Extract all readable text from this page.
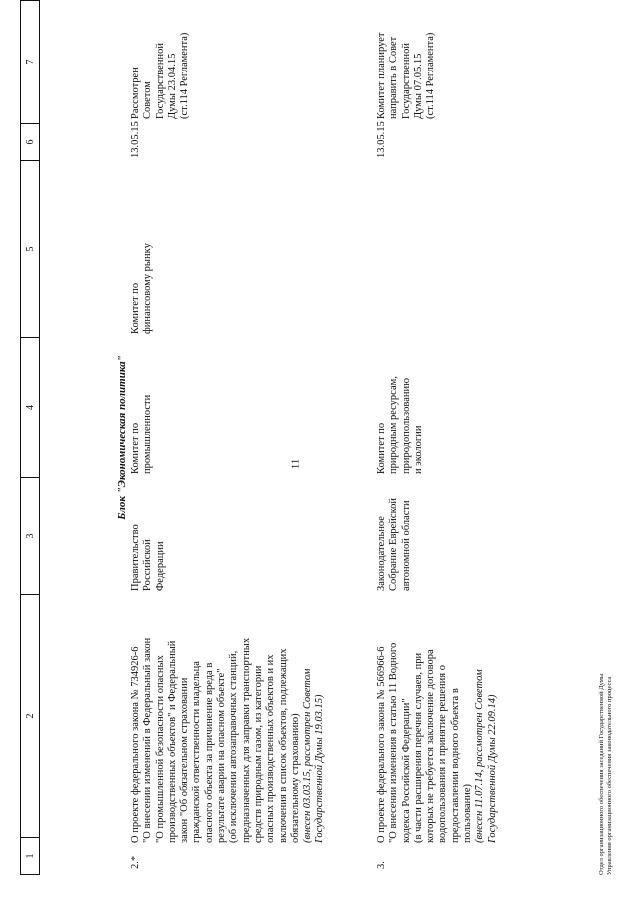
11
1
2
3
4
5
6
7
Блок "Экономическая политика"
2.*
О проекте федерального закона № 734926-6 "О внесении изменений в Федеральный закон "О промышленной безопасности опасных производственных объектов" и Федеральный закон "Об обязательном страховании гражданской ответственности владельца опасного объекта за причинение вреда в результате аварии на опасном объекте" (об исключении автозаправочных станций, предназначенных для заправки транспортных средств природным газом, из категории опасных производственных объектов и их включения в список объектов, подлежащих обязательному страхованию) (внесен 03.03.15, рассмотрен Советом Государственной Думы 19.03.15)
Правительство Российской Федерации
Комитет по промышленности
Комитет по финансовому рынку
13.05.15
Рассмотрен Советом Государственной Думы 23.04.15 (ст.114 Регламента)
3.
О проекте федерального закона № 566966-6 "О внесении изменения в статью 11 Водного кодекса Российской Федерации" (в части расширения перечня случаев, при которых не требуется заключение договора водопользования и принятие решения о предоставлении водного объекта в пользование) (внесен 11.07.14, рассмотрен Советом Государственной Думы 22.09.14)
Законодательное Собрание Еврейской автономной области
Комитет по природным ресурсам, природопользованию и экологии
13.05.15
Комитет планирует направить в Совет Государственной Думы 07.05.15 (ст.114 Регламента)
Отдел организационного обеспечения заседаний Государственной Думы Управления организационного обеспечения законодательного процесса
